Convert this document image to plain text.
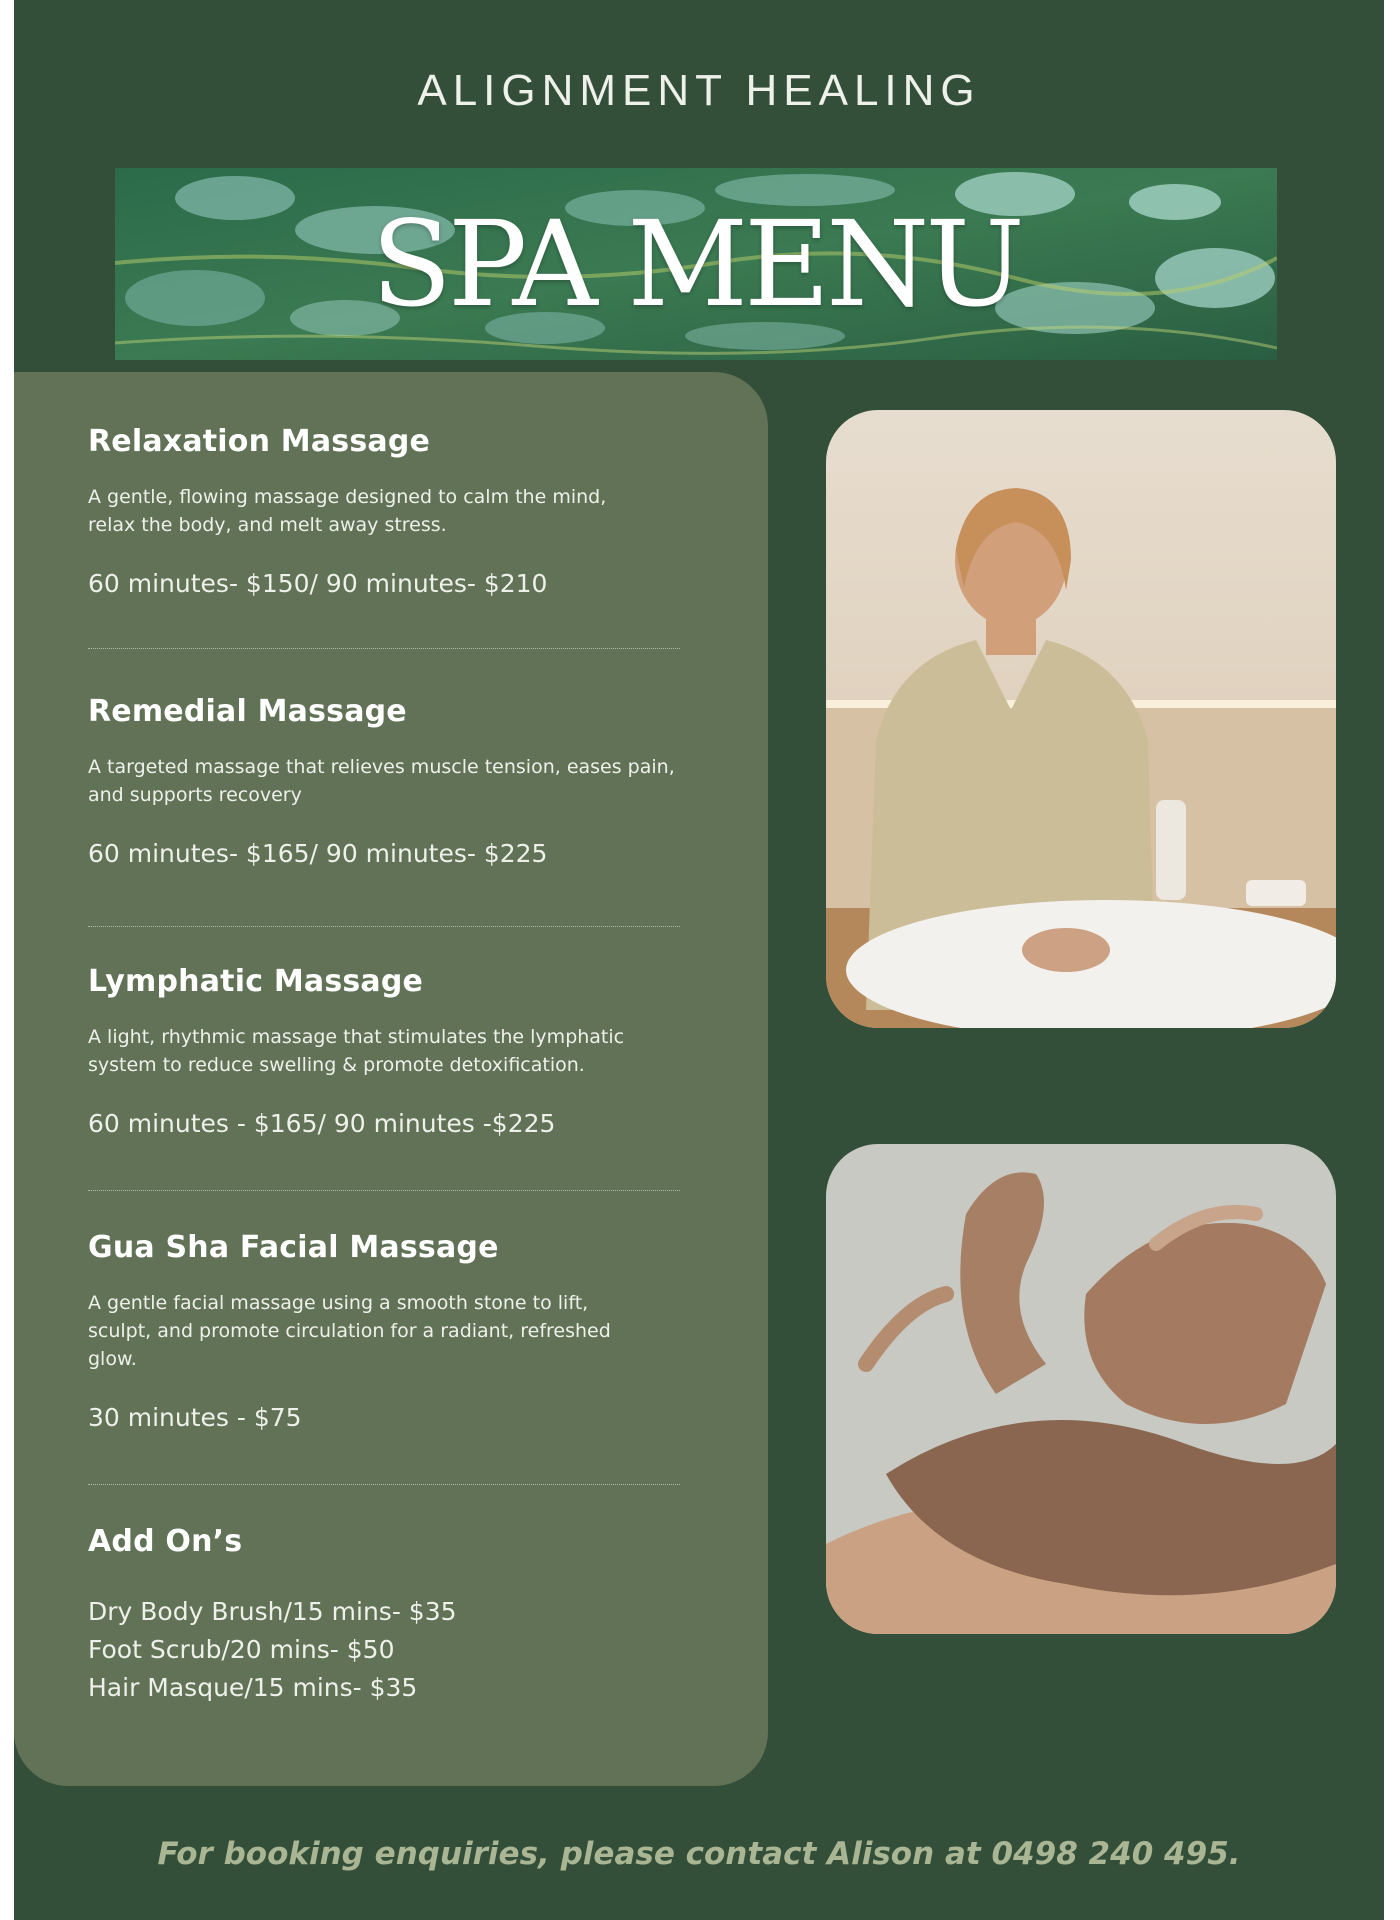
ALIGNMENT HEALING
SPA MENU

Relaxation Massage

A gentle, flowing massage designed to calm the mind, relax the body, and melt away stress.

60 minutes- $150/ 90 minutes- $210

Remedial Massage

A targeted massage that relieves muscle tension, eases pain, and supports recovery

60 minutes- $165/ 90 minutes- $225

Lymphatic Massage

A light, rhythmic massage that stimulates the lymphatic system to reduce swelling & promote detoxification.

60 minutes - $165/ 90 minutes -$225

Gua Sha Facial Massage

A gentle facial massage using a smooth stone to lift, sculpt, and promote circulation for a radiant, refreshed glow.

30 minutes - $75

Add On’s

Dry Body Brush/15 mins- $35
Foot Scrub/20 mins- $50
Hair Masque/15 mins- $35
For booking enquiries, please contact Alison at 0498 240 495.
